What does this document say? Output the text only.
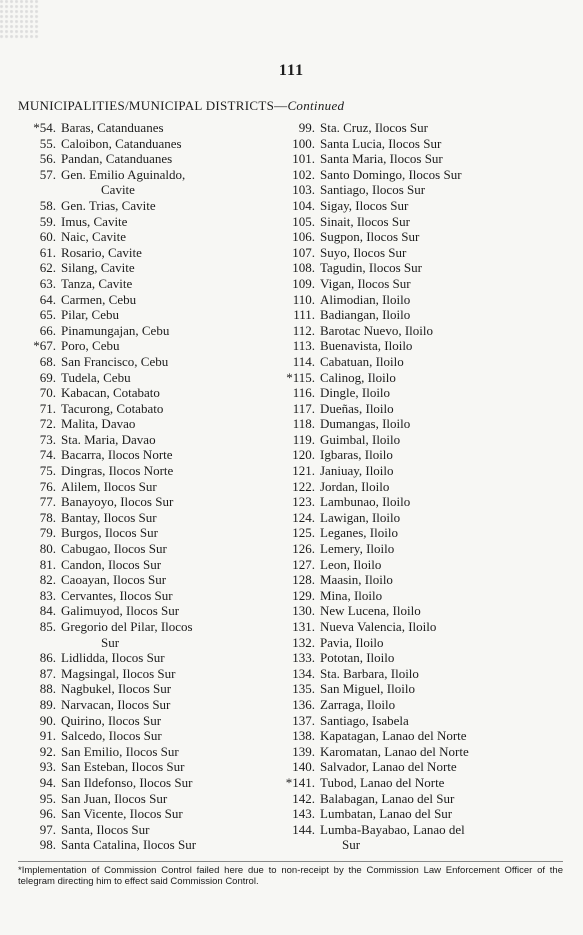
111
MUNICIPALITIES/MUNICIPAL DISTRICTS—Continued
*54. Baras, Catanduanes
55. Caloibon, Catanduanes
56. Pandan, Catanduanes
57. Gen. Emilio Aguinaldo,
Cavite
58. Gen. Trias, Cavite
59. Imus, Cavite
60. Naic, Cavite
61. Rosario, Cavite
62. Silang, Cavite
63. Tanza, Cavite
64. Carmen, Cebu
65. Pilar, Cebu
66. Pinamungajan, Cebu
*67. Poro, Cebu
68. San Francisco, Cebu
69. Tudela, Cebu
70. Kabacan, Cotabato
71. Tacurong, Cotabato
72. Malita, Davao
73. Sta. Maria, Davao
74. Bacarra, Ilocos Norte
75. Dingras, Ilocos Norte
76. Alilem, Ilocos Sur
77. Banayoyo, Ilocos Sur
78. Bantay, Ilocos Sur
79. Burgos, Ilocos Sur
80. Cabugao, Ilocos Sur
81. Candon, Ilocos Sur
82. Caoayan, Ilocos Sur
83. Cervantes, Ilocos Sur
84. Galimuyod, Ilocos Sur
85. Gregorio del Pilar, Ilocos
Sur
86. Lidlidda, Ilocos Sur
87. Magsingal, Ilocos Sur
88. Nagbukel, Ilocos Sur
89. Narvacan, Ilocos Sur
90. Quirino, Ilocos Sur
91. Salcedo, Ilocos Sur
92. San Emilio, Ilocos Sur
93. San Esteban, Ilocos Sur
94. San Ildefonso, Ilocos Sur
95. San Juan, Ilocos Sur
96. San Vicente, Ilocos Sur
97. Santa, Ilocos Sur
98. Santa Catalina, Ilocos Sur
99. Sta. Cruz, Ilocos Sur
100. Santa Lucia, Ilocos Sur
101. Santa Maria, Ilocos Sur
102. Santo Domingo, Ilocos Sur
103. Santiago, Ilocos Sur
104. Sigay, Ilocos Sur
105. Sinait, Ilocos Sur
106. Sugpon, Ilocos Sur
107. Suyo, Ilocos Sur
108. Tagudin, Ilocos Sur
109. Vigan, Ilocos Sur
110. Alimodian, Iloilo
111. Badiangan, Iloilo
112. Barotac Nuevo, Iloilo
113. Buenavista, Iloilo
114. Cabatuan, Iloilo
*115. Calinog, Iloilo
116. Dingle, Iloilo
117. Dueñas, Iloilo
118. Dumangas, Iloilo
119. Guimbal, Iloilo
120. Igbaras, Iloilo
121. Janiuay, Iloilo
122. Jordan, Iloilo
123. Lambunao, Iloilo
124. Lawigan, Iloilo
125. Leganes, Iloilo
126. Lemery, Iloilo
127. Leon, Iloilo
128. Maasin, Iloilo
129. Mina, Iloilo
130. New Lucena, Iloilo
131. Nueva Valencia, Iloilo
132. Pavia, Iloilo
133. Pototan, Iloilo
134. Sta. Barbara, Iloilo
135. San Miguel, Iloilo
136. Zarraga, Iloilo
137. Santiago, Isabela
138. Kapatagan, Lanao del Norte
139. Karomatan, Lanao del Norte
140. Salvador, Lanao del Norte
*141. Tubod, Lanao del Norte
142. Balabagan, Lanao del Sur
143. Lumbatan, Lanao del Sur
144. Lumba-Bayabao, Lanao del
Sur
*Implementation of Commission Control failed here due to non-receipt by the Commission Law Enforcement Officer of the telegram directing him to effect said Commission Control.
